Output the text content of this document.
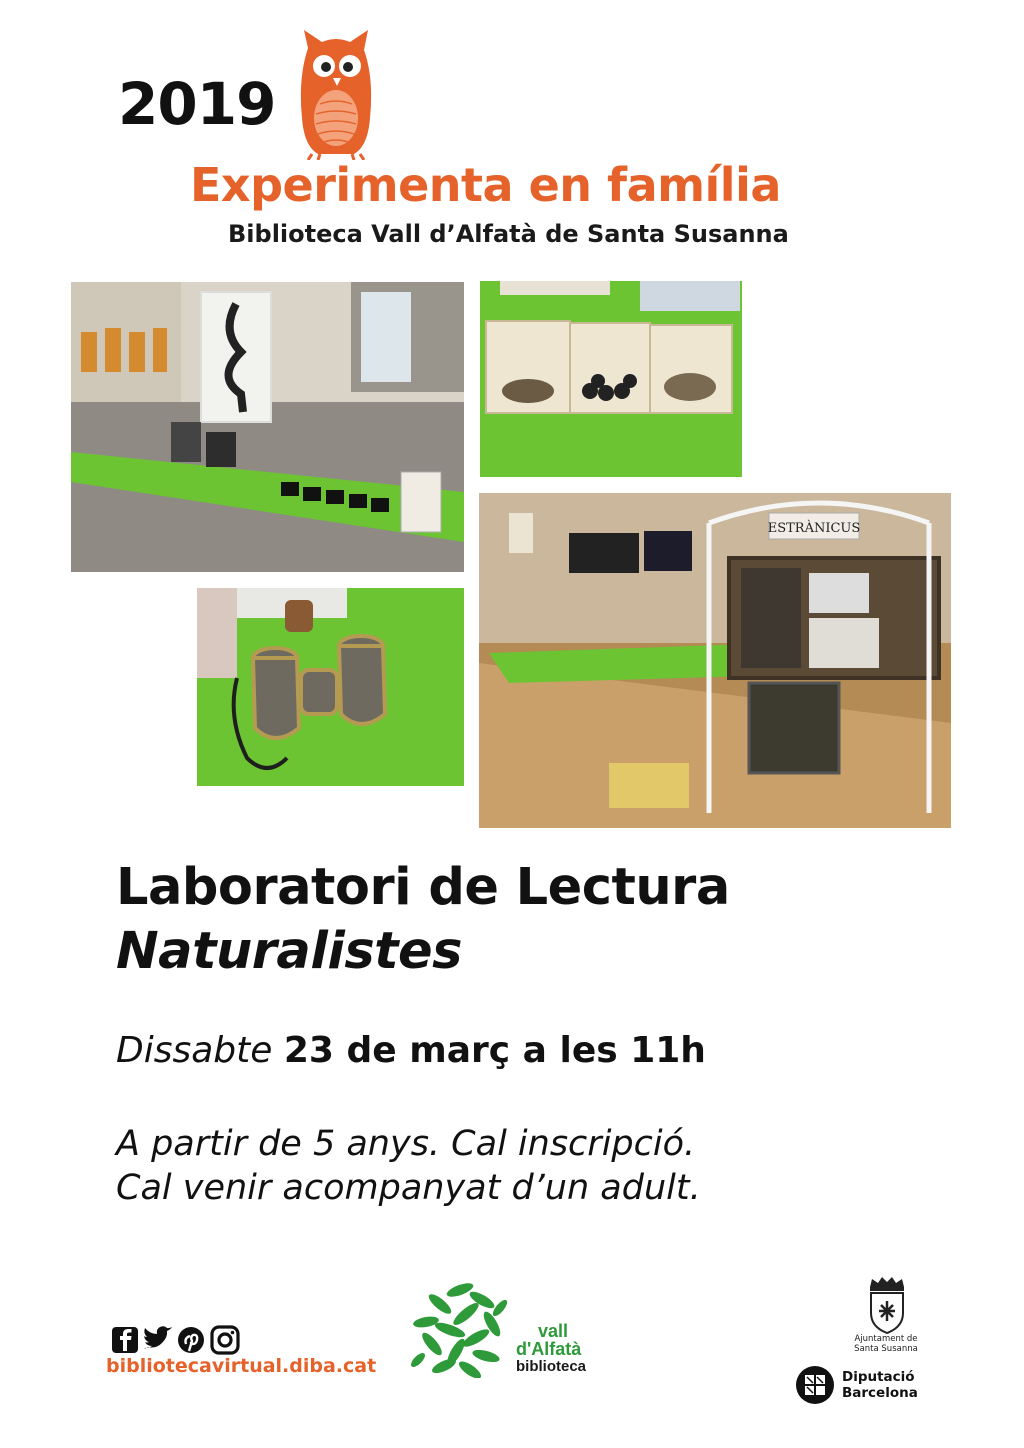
2019
Experimenta en família
Biblioteca Vall d’Alfatà de Santa Susanna
ESTRÀNICUS
Laboratori de Lectura
Naturalistes
Dissabte 23 de març a les 11h
A partir de 5 anys. Cal inscripció.
Cal venir acompanyat d’un adult.
bibliotecavirtual.diba.cat
vall
d'Alfatà
biblioteca
Ajuntament de
Santa Susanna
Diputació
Barcelona
